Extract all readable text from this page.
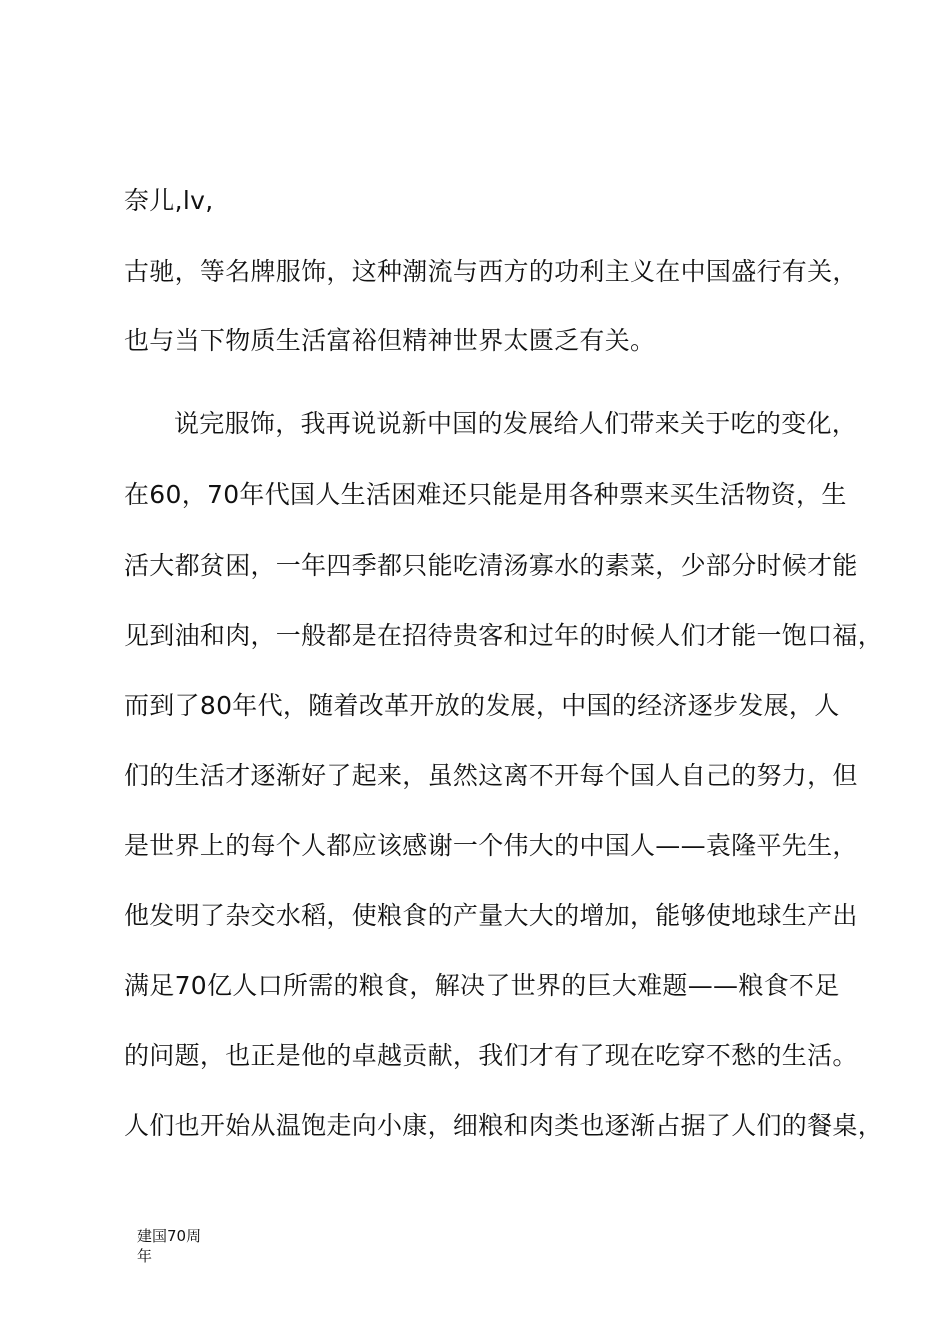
奈儿,lv,
古驰，等名牌服饰，这种潮流与西方的功利主义在中国盛行有关，
也与当下物质生活富裕但精神世界太匮乏有关。
说完服饰，我再说说新中国的发展给人们带来关于吃的变化，
在60，70年代国人生活困难还只能是用各种票来买生活物资，生
活大都贫困，一年四季都只能吃清汤寡水的素菜，少部分时候才能
见到油和肉，一般都是在招待贵客和过年的时候人们才能一饱口福，
而到了80年代，随着改革开放的发展，中国的经济逐步发展，人
们的生活才逐渐好了起来，虽然这离不开每个国人自己的努力，但
是世界上的每个人都应该感谢一个伟大的中国人——袁隆平先生，
他发明了杂交水稻，使粮食的产量大大的增加，能够使地球生产出
满足70亿人口所需的粮食，解决了世界的巨大难题——粮食不足
的问题，也正是他的卓越贡献，我们才有了现在吃穿不愁的生活。
人们也开始从温饱走向小康，细粮和肉类也逐渐占据了人们的餐桌，
建国70周
年
